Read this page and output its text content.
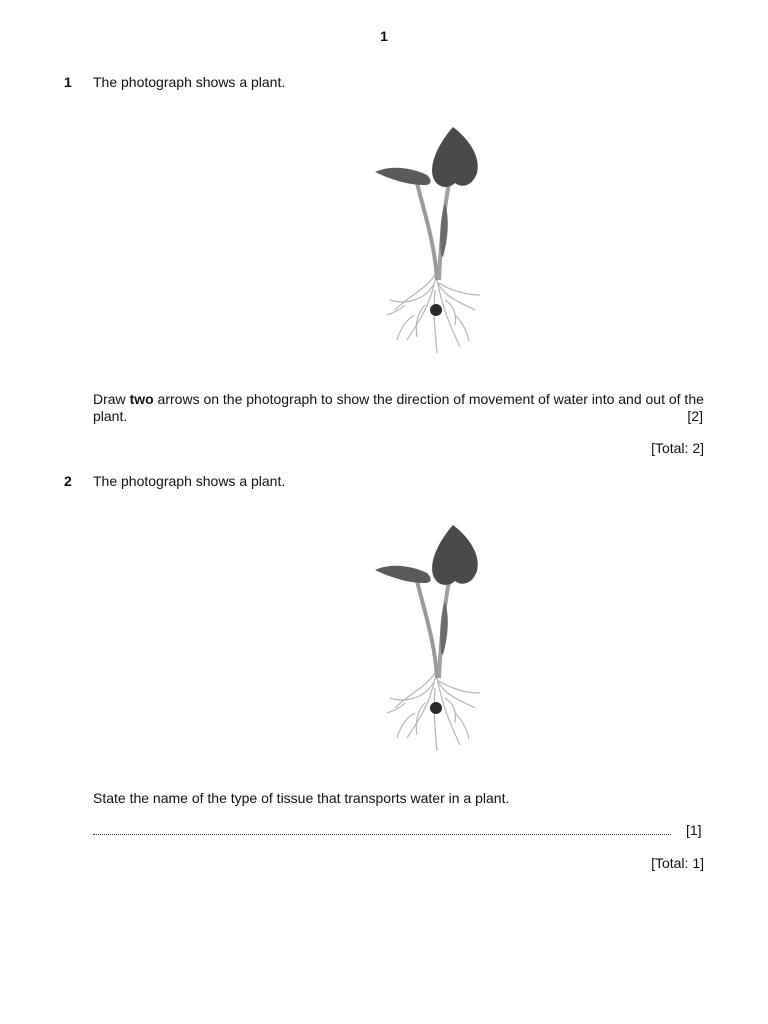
1
1 The photograph shows a plant.
Draw two arrows on the photograph to show the direction of movement of water into and out of the plant.	[2]
[Total: 2]
2 The photograph shows a plant.
State the name of the type of tissue that transports water in a plant.
[1]
[Total: 1]
